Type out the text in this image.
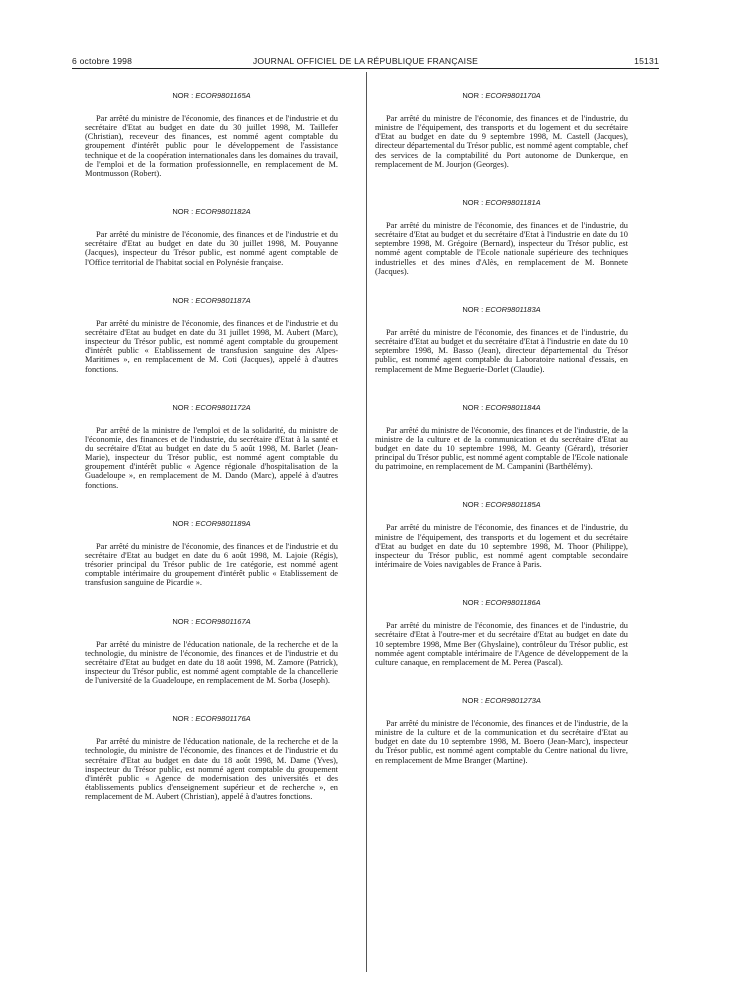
6 octobre 1998	JOURNAL OFFICIEL DE LA RÉPUBLIQUE FRANÇAISE	15131
NOR : ECOR9801165A

Par arrêté du ministre de l'économie, des finances et de l'industrie et du secrétaire d'Etat au budget en date du 30 juillet 1998, M. Taillefer (Christian), receveur des finances, est nommé agent comptable du groupement d'intérêt public pour le développement de l'assistance technique et de la coopération internationales dans les domaines du travail, de l'emploi et de la formation professionnelle, en remplacement de M. Montmusson (Robert).

NOR : ECOR9801182A

Par arrêté du ministre de l'économie, des finances et de l'industrie et du secrétaire d'Etat au budget en date du 30 juillet 1998, M. Pouyanne (Jacques), inspecteur du Trésor public, est nommé agent comptable de l'Office territorial de l'habitat social en Polynésie française.

NOR : ECOR9801187A

Par arrêté du ministre de l'économie, des finances et de l'industrie et du secrétaire d'Etat au budget en date du 31 juillet 1998, M. Aubert (Marc), inspecteur du Trésor public, est nommé agent comptable du groupement d'intérêt public « Etablissement de transfusion sanguine des Alpes-Maritimes », en remplacement de M. Coti (Jacques), appelé à d'autres fonctions.

NOR : ECOR9801172A

Par arrêté de la ministre de l'emploi et de la solidarité, du ministre de l'économie, des finances et de l'industrie, du secrétaire d'Etat à la santé et du secrétaire d'Etat au budget en date du 5 août 1998, M. Barlet (Jean-Marie), inspecteur du Trésor public, est nommé agent comptable du groupement d'intérêt public « Agence régionale d'hospitalisation de la Guadeloupe », en remplacement de M. Dando (Marc), appelé à d'autres fonctions.

NOR : ECOR9801189A

Par arrêté du ministre de l'économie, des finances et de l'industrie et du secrétaire d'Etat au budget en date du 6 août 1998, M. Lajoie (Régis), trésorier principal du Trésor public de 1re catégorie, est nommé agent comptable intérimaire du groupement d'intérêt public « Etablissement de transfusion sanguine de Picardie ».

NOR : ECOR9801167A

Par arrêté du ministre de l'éducation nationale, de la recherche et de la technologie, du ministre de l'économie, des finances et de l'industrie et du secrétaire d'Etat au budget en date du 18 août 1998, M. Zamore (Patrick), inspecteur du Trésor public, est nommé agent comptable de la chancellerie de l'université de la Guadeloupe, en remplacement de M. Sorba (Joseph).

NOR : ECOR9801176A

Par arrêté du ministre de l'éducation nationale, de la recherche et de la technologie, du ministre de l'économie, des finances et de l'industrie et du secrétaire d'Etat au budget en date du 18 août 1998, M. Dame (Yves), inspecteur du Trésor public, est nommé agent comptable du groupement d'intérêt public « Agence de modernisation des universités et des établissements publics d'enseignement supérieur et de recherche », en remplacement de M. Aubert (Christian), appelé à d'autres fonctions.

NOR : ECOR9801170A

Par arrêté du ministre de l'économie, des finances et de l'industrie, du ministre de l'équipement, des transports et du logement et du secrétaire d'Etat au budget en date du 9 septembre 1998, M. Castell (Jacques), directeur départemental du Trésor public, est nommé agent comptable, chef des services de la comptabilité du Port autonome de Dunkerque, en remplacement de M. Jourjon (Georges).

NOR : ECOR9801181A

Par arrêté du ministre de l'économie, des finances et de l'industrie, du secrétaire d'Etat au budget et du secrétaire d'Etat à l'industrie en date du 10 septembre 1998, M. Grégoire (Bernard), inspecteur du Trésor public, est nommé agent comptable de l'Ecole nationale supérieure des techniques industrielles et des mines d'Alès, en remplacement de M. Bonnete (Jacques).

NOR : ECOR9801183A

Par arrêté du ministre de l'économie, des finances et de l'industrie, du secrétaire d'Etat au budget et du secrétaire d'Etat à l'industrie en date du 10 septembre 1998, M. Basso (Jean), directeur départemental du Trésor public, est nommé agent comptable du Laboratoire national d'essais, en remplacement de Mme Beguerie-Dorlet (Claudie).

NOR : ECOR9801184A

Par arrêté du ministre de l'économie, des finances et de l'industrie, de la ministre de la culture et de la communication et du secrétaire d'Etat au budget en date du 10 septembre 1998, M. Geanty (Gérard), trésorier principal du Trésor public, est nommé agent comptable de l'Ecole nationale du patrimoine, en remplacement de M. Campanini (Barthélémy).

NOR : ECOR9801185A

Par arrêté du ministre de l'économie, des finances et de l'industrie, du ministre de l'équipement, des transports et du logement et du secrétaire d'Etat au budget en date du 10 septembre 1998, M. Thoor (Philippe), inspecteur du Trésor public, est nommé agent comptable secondaire intérimaire de Voies navigables de France à Paris.

NOR : ECOR9801186A

Par arrêté du ministre de l'économie, des finances et de l'industrie, du secrétaire d'Etat à l'outre-mer et du secrétaire d'Etat au budget en date du 10 septembre 1998, Mme Ber (Ghyslaine), contrôleur du Trésor public, est nommée agent comptable intérimaire de l'Agence de développement de la culture canaque, en remplacement de M. Perea (Pascal).

NOR : ECOR9801273A

Par arrêté du ministre de l'économie, des finances et de l'industrie, de la ministre de la culture et de la communication et du secrétaire d'Etat au budget en date du 10 septembre 1998, M. Boero (Jean-Marc), inspecteur du Trésor public, est nommé agent comptable du Centre national du livre, en remplacement de Mme Branger (Martine).
